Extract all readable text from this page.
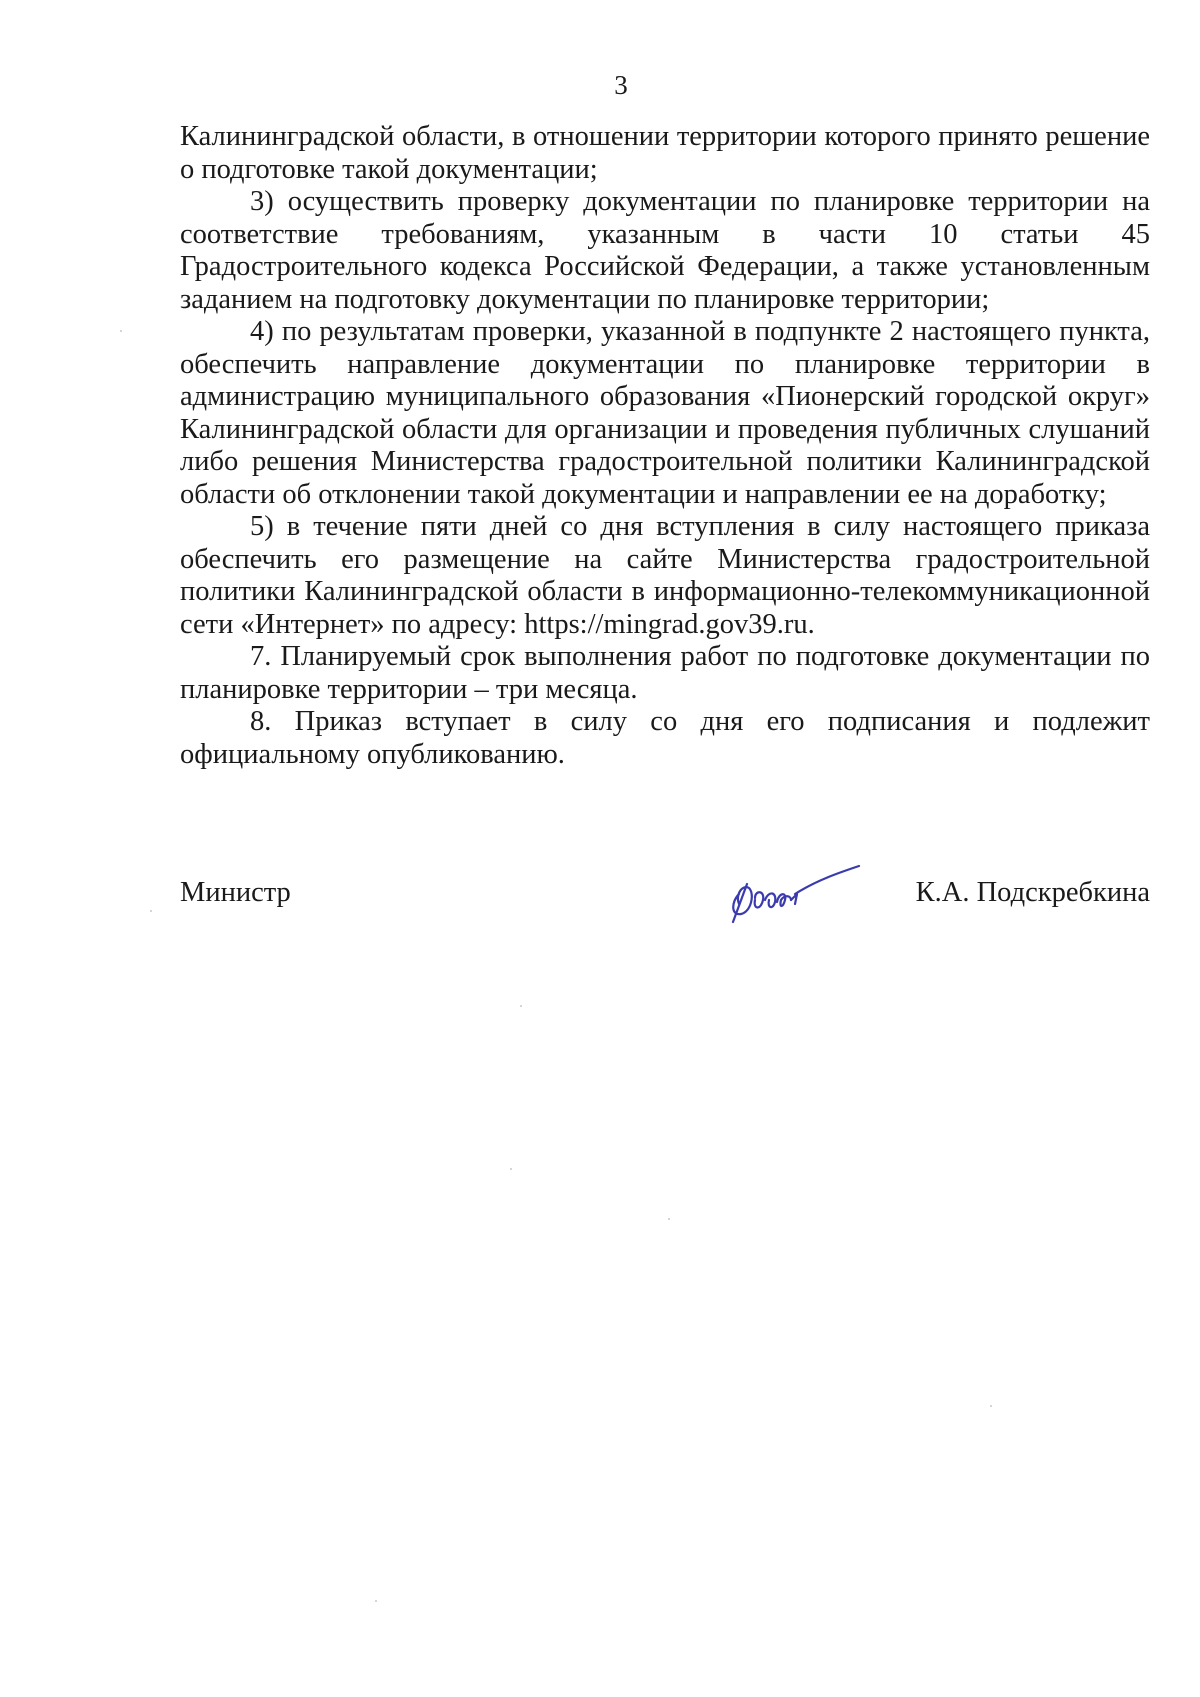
3

Калининградской области, в отношении территории которого принято решение о подготовке такой документации;

3) осуществить проверку документации по планировке территории на соответствие требованиям, указанным в части 10 статьи 45 Градостроительного кодекса Российской Федерации, а также установленным заданием на подготовку документации по планировке территории;

4) по результатам проверки, указанной в подпункте 2 настоящего пункта, обеспечить направление документации по планировке территории в администрацию муниципального образования «Пионерский городской округ» Калининградской области для организации и проведения публичных слушаний либо решения Министерства градостроительной политики Калининградской области об отклонении такой документации и направлении ее на доработку;

5) в течение пяти дней со дня вступления в силу настоящего приказа обеспечить его размещение на сайте Министерства градостроительной политики Калининградской области в информационно-телекоммуникационной сети «Интернет» по адресу: https://mingrad.gov39.ru.

7. Планируемый срок выполнения работ по подготовке документации по планировке территории – три месяца.

8. Приказ вступает в силу со дня его подписания и подлежит официальному опубликованию.

Министр	К.А. Подскребкина
